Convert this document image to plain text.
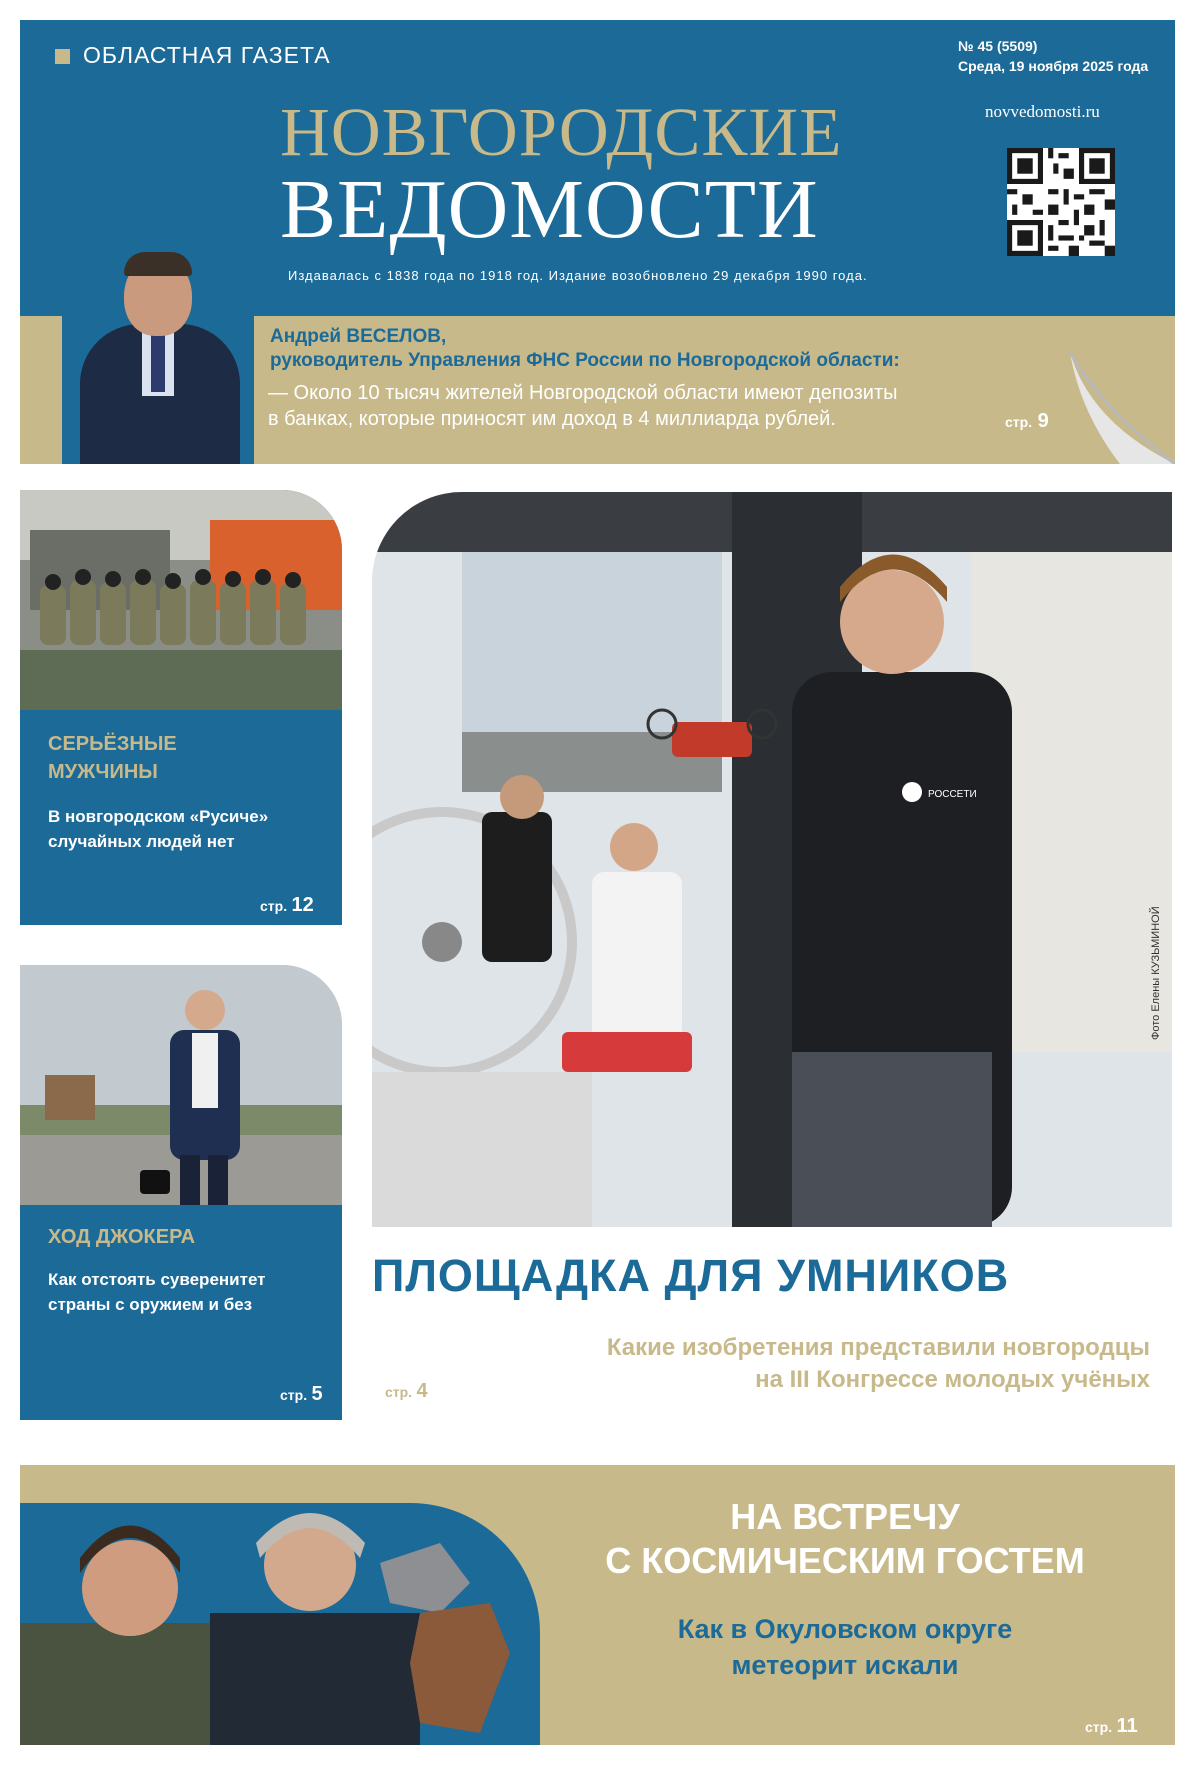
ОБЛАСТНАЯ ГАЗЕТА
НОВГОРОДСКИЕ
ВЕДОМОСТИ
Издавалась с 1838 года по 1918 год. Издание возобновлено 29 декабря 1990 года.
№ 45 (5509)
Среда, 19 ноября 2025 года
novvedomosti.ru
Андрей ВЕСЕЛОВ,
руководитель Управления ФНС России по Новгородской области:
— Около 10 тысяч жителей Новгородской области имеют депозиты
в банках, которые приносят им доход в 4 миллиарда рублей.	стр. 9
СЕРЬЁЗНЫЕ
МУЖЧИНЫ
В новгородском «Русиче»
случайных людей нет
стр. 12
ХОД ДЖОКЕРА
Как отстоять суверенитет
страны с оружием и без
стр. 5
РОССЕТИ
Фото Елены КУЗЬМИНОЙ
ПЛОЩАДКА ДЛЯ УМНИКОВ
Какие изобретения представили новгородцы
на III Конгрессе молодых учёных
стр. 4
НА ВСТРЕЧУ
С КОСМИЧЕСКИМ ГОСТЕМ
Как в Окуловском округе
метеорит искали
стр. 11
